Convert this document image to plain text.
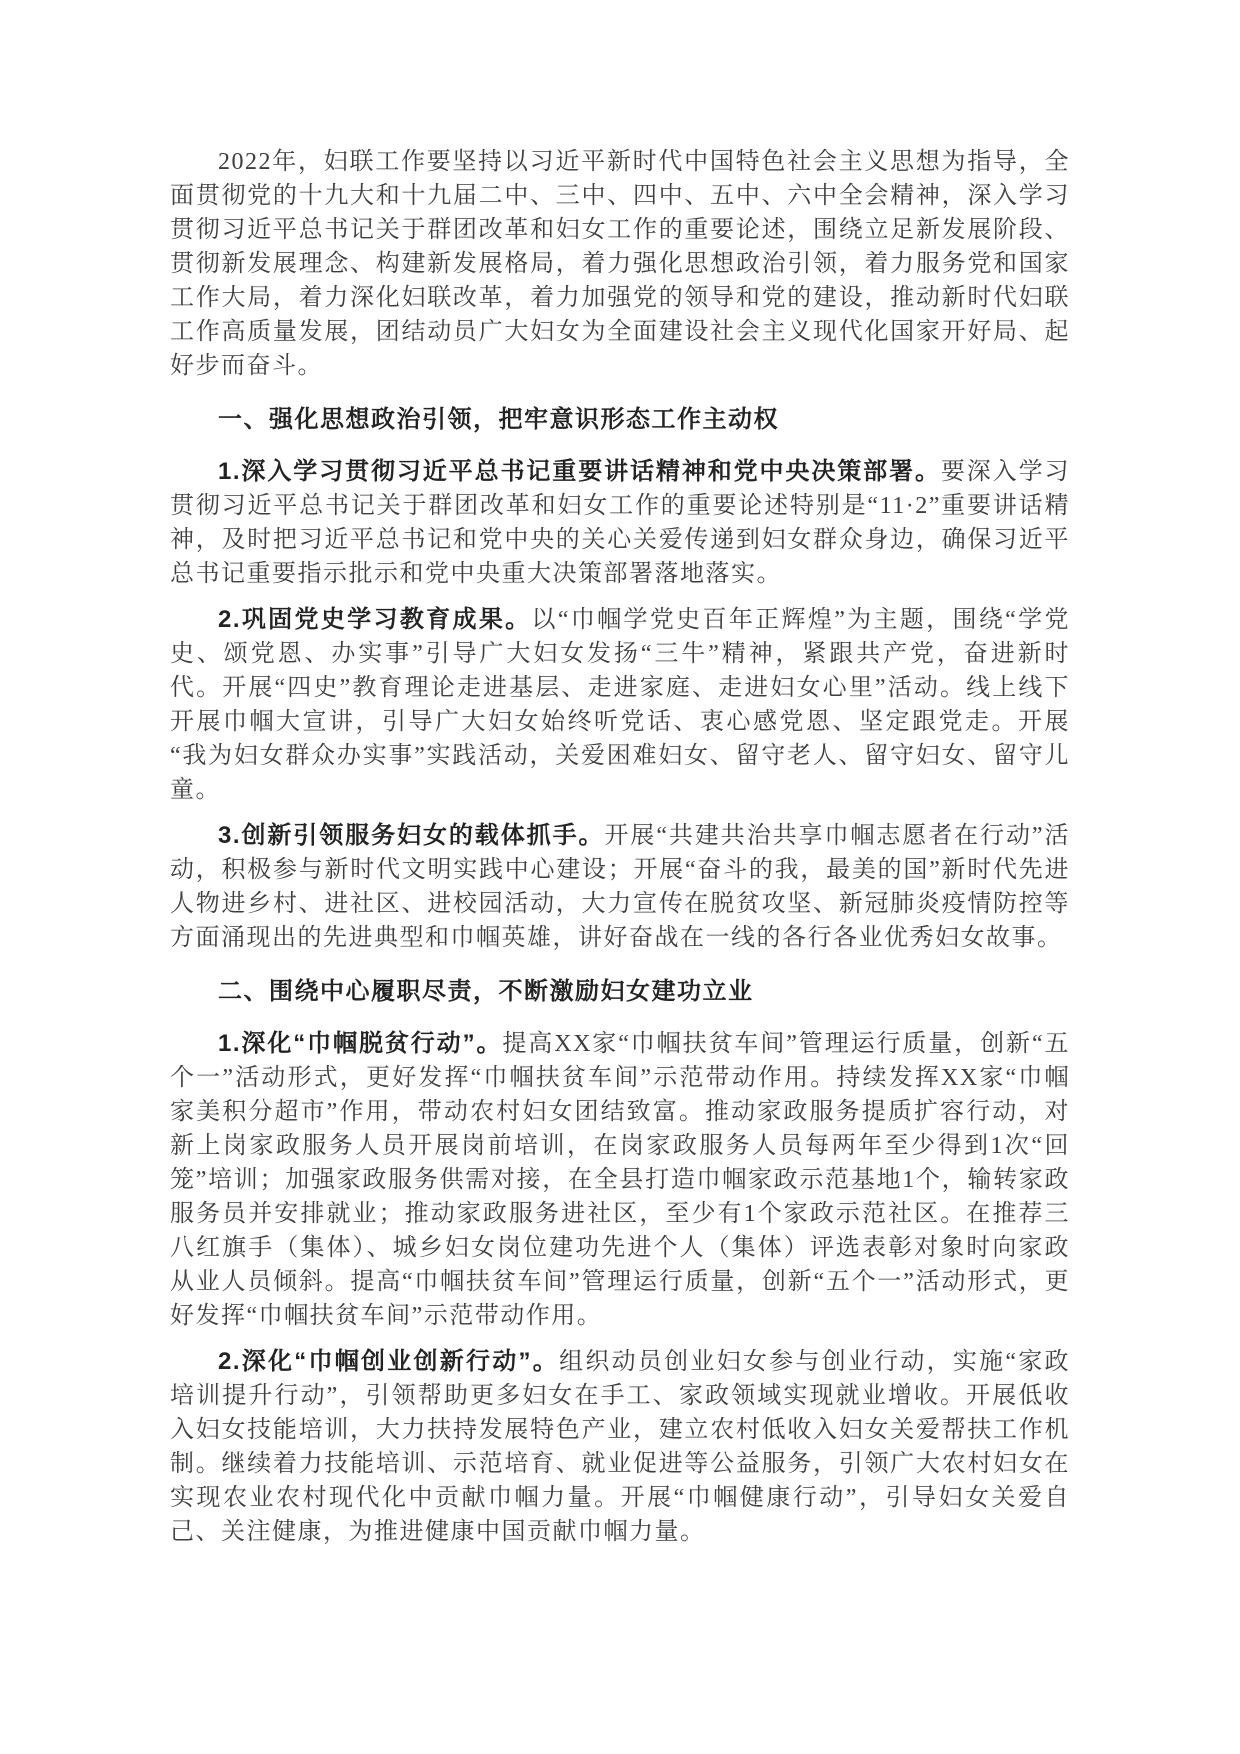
2022年，妇联工作要坚持以习近平新时代中国特色社会主义思想为指导，全面贯彻党的十九大和十九届二中、三中、四中、五中、六中全会精神，深入学习贯彻习近平总书记关于群团改革和妇女工作的重要论述，围绕立足新发展阶段、贯彻新发展理念、构建新发展格局，着力强化思想政治引领，着力服务党和国家工作大局，着力深化妇联改革，着力加强党的领导和党的建设，推动新时代妇联工作高质量发展，团结动员广大妇女为全面建设社会主义现代化国家开好局、起好步而奋斗。

一、强化思想政治引领，把牢意识形态工作主动权

1.深入学习贯彻习近平总书记重要讲话精神和党中央决策部署。要深入学习贯彻习近平总书记关于群团改革和妇女工作的重要论述特别是“11·2”重要讲话精神，及时把习近平总书记和党中央的关心关爱传递到妇女群众身边，确保习近平总书记重要指示批示和党中央重大决策部署落地落实。

2.巩固党史学习教育成果。以“巾帼学党史百年正辉煌”为主题，围绕“学党史、颂党恩、办实事”引导广大妇女发扬“三牛”精神，紧跟共产党，奋进新时代。开展“四史”教育理论走进基层、走进家庭、走进妇女心里”活动。线上线下开展巾帼大宣讲，引导广大妇女始终听党话、衷心感党恩、坚定跟党走。开展“我为妇女群众办实事”实践活动，关爱困难妇女、留守老人、留守妇女、留守儿童。

3.创新引领服务妇女的载体抓手。开展“共建共治共享巾帼志愿者在行动”活动，积极参与新时代文明实践中心建设；开展“奋斗的我，最美的国”新时代先进人物进乡村、进社区、进校园活动，大力宣传在脱贫攻坚、新冠肺炎疫情防控等方面涌现出的先进典型和巾帼英雄，讲好奋战在一线的各行各业优秀妇女故事。

二、围绕中心履职尽责，不断激励妇女建功立业

1.深化“巾帼脱贫行动”。提高XX家“巾帼扶贫车间”管理运行质量，创新“五个一”活动形式，更好发挥“巾帼扶贫车间”示范带动作用。持续发挥XX家“巾帼家美积分超市”作用，带动农村妇女团结致富。推动家政服务提质扩容行动，对新上岗家政服务人员开展岗前培训，在岗家政服务人员每两年至少得到1次“回笼”培训；加强家政服务供需对接，在全县打造巾帼家政示范基地1个，输转家政服务员并安排就业；推动家政服务进社区，至少有1个家政示范社区。在推荐三八红旗手（集体）、城乡妇女岗位建功先进个人（集体）评选表彰对象时向家政从业人员倾斜。提高“巾帼扶贫车间”管理运行质量，创新“五个一”活动形式，更好发挥“巾帼扶贫车间”示范带动作用。

2.深化“巾帼创业创新行动”。组织动员创业妇女参与创业行动，实施“家政培训提升行动”，引领帮助更多妇女在手工、家政领域实现就业增收。开展低收入妇女技能培训，大力扶持发展特色产业，建立农村低收入妇女关爱帮扶工作机制。继续着力技能培训、示范培育、就业促进等公益服务，引领广大农村妇女在实现农业农村现代化中贡献巾帼力量。开展“巾帼健康行动”，引导妇女关爱自己、关注健康，为推进健康中国贡献巾帼力量。
